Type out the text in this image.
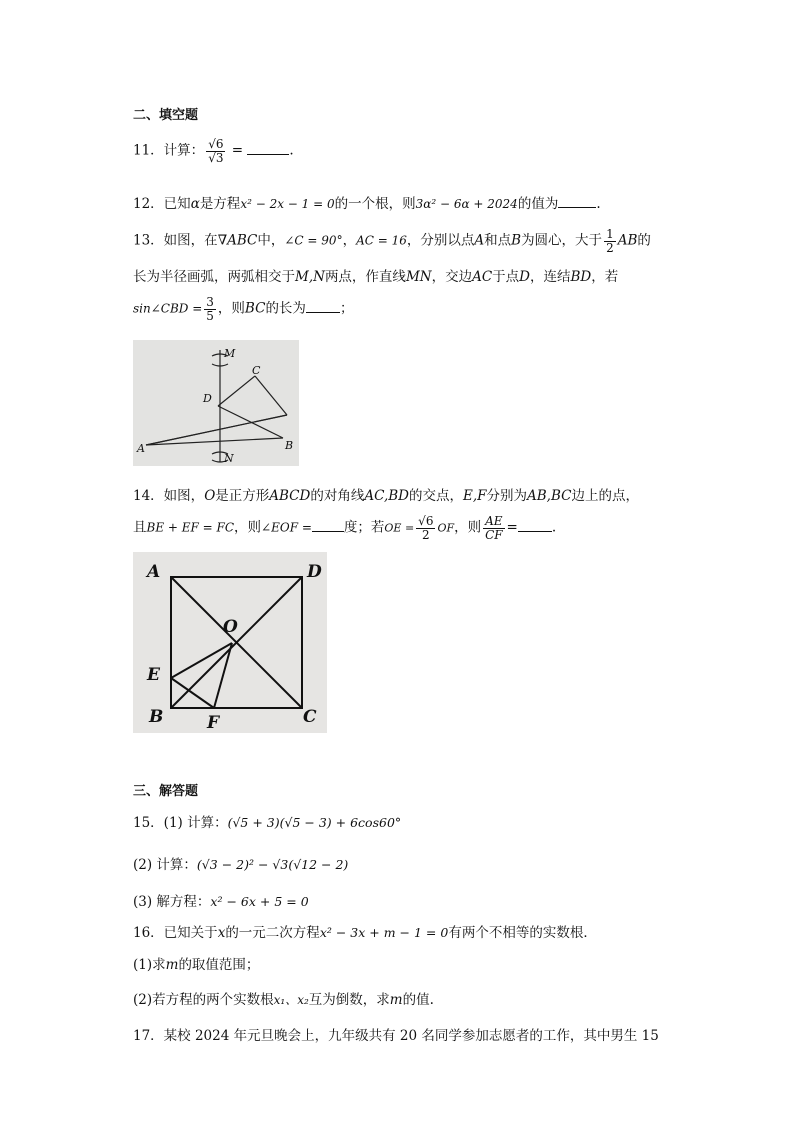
二、填空题
11．计算： $\frac{√6}{√3}$ =	.
12．已知α是方程x² − 2x − 1 = 0的一个根，则3α² − 6α + 2024的值为	.
13．如图，在∇ABC中，∠C = 90°，AC = 16，分别以点A和点B为圆心，大于 $\frac{1}{2}$ AB的
长为半径画弧，两弧相交于M,N两点，作直线MN，交边AC于点D，连结BD，若
sin∠CBD = $\frac{3}{5}$ ，则BC的长为	；
M
C
D
A	B
N
14．如图，O是正方形ABCD的对角线AC,BD的交点，E,F分别为AB,BC边上的点，
且BE + EF = FC，则∠EOF = 度；若OE = $\frac{√6}{2}$ OF，则 $\frac{AE}{CF}$ =	.
A	D
O
E
B	F	C
三、解答题
15．(1) 计算：(√5 + 3)(√5 − 3) + 6cos60°
(2) 计算：(√3 − 2)² − √3(√12 − 2)
(3) 解方程：x² − 6x + 5 = 0
16．已知关于x的一元二次方程x² − 3x + m − 1 = 0有两个不相等的实数根．
(1)求m的取值范围；
(2)若方程的两个实数根x₁、x₂互为倒数，求m的值.
17．某校 2024 年元旦晚会上，九年级共有 20 名同学参加志愿者的工作，其中男生 15
